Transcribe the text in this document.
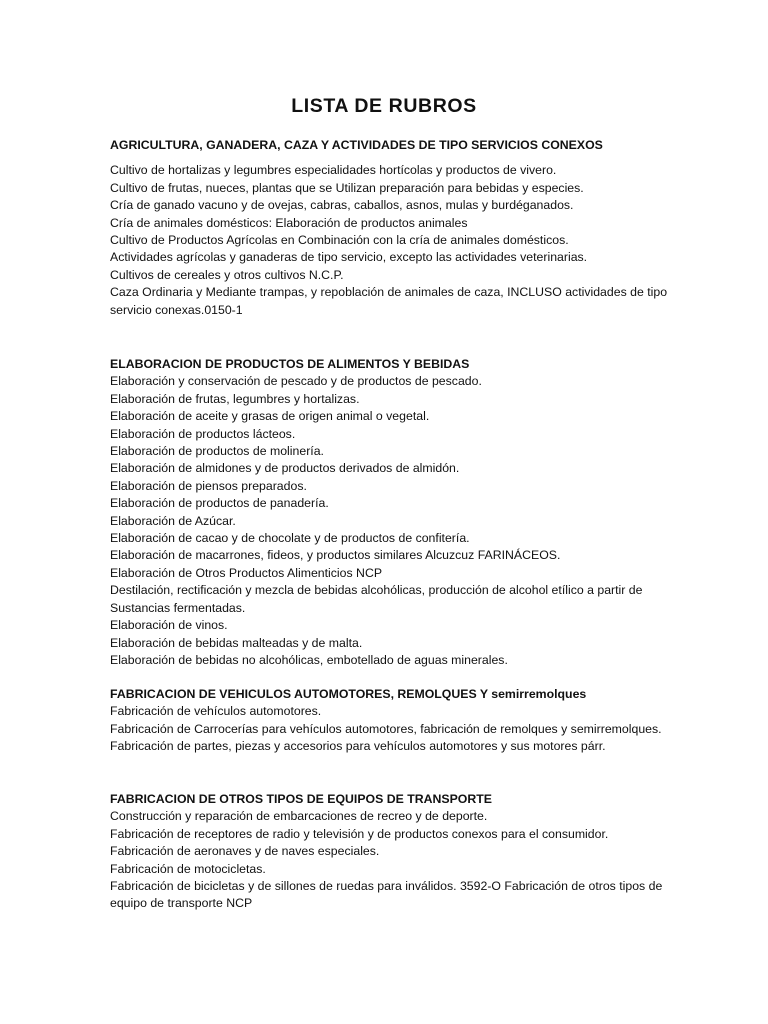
LISTA DE RUBROS

AGRICULTURA, GANADERA, CAZA Y ACTIVIDADES DE TIPO SERVICIOS CONEXOS

Cultivo de hortalizas y legumbres especialidades hortícolas y productos de vivero.

Cultivo de frutas, nueces, plantas que se Utilizan preparación para bebidas y especies.

Cría de ganado vacuno y de ovejas, cabras, caballos, asnos, mulas y burdéganados.

Cría de animales domésticos: Elaboración de productos animales

Cultivo de Productos Agrícolas en Combinación con la cría de animales domésticos.

Actividades agrícolas y ganaderas de tipo servicio, excepto las actividades veterinarias.

Cultivos de cereales y otros cultivos N.C.P.

Caza Ordinaria y Mediante trampas, y repoblación de animales de caza, INCLUSO actividades de tipo servicio conexas.0150-1

ELABORACION DE PRODUCTOS DE ALIMENTOS Y BEBIDAS

Elaboración y conservación de pescado y de productos de pescado.

Elaboración de frutas, legumbres y hortalizas.

Elaboración de aceite y grasas de origen animal o vegetal.

Elaboración de productos lácteos.

Elaboración de productos de molinería.

Elaboración de almidones y de productos derivados de almidón.

Elaboración de piensos preparados.

Elaboración de productos de panadería.

Elaboración de Azúcar.

Elaboración de cacao y de chocolate y de productos de confitería.

Elaboración de macarrones, fideos, y productos similares Alcuzcuz FARINÁCEOS.

Elaboración de Otros Productos Alimenticios NCP

Destilación, rectificación y mezcla de bebidas alcohólicas, producción de alcohol etílico a partir de Sustancias fermentadas.

Elaboración de vinos.

Elaboración de bebidas malteadas y de malta.

Elaboración de bebidas no alcohólicas, embotellado de aguas minerales.

FABRICACION DE VEHICULOS AUTOMOTORES, REMOLQUES Y semirremolques

Fabricación de vehículos automotores.

Fabricación de Carrocerías para vehículos automotores, fabricación de remolques y semirremolques.

Fabricación de partes, piezas y accesorios para vehículos automotores y sus motores párr.

FABRICACION DE OTROS TIPOS DE EQUIPOS DE TRANSPORTE

Construcción y reparación de embarcaciones de recreo y de deporte.

Fabricación de receptores de radio y televisión y de productos conexos para el consumidor.

Fabricación de aeronaves y de naves especiales.

Fabricación de motocicletas.

Fabricación de bicicletas y de sillones de ruedas para inválidos. 3592-O Fabricación de otros tipos de equipo de transporte NCP
